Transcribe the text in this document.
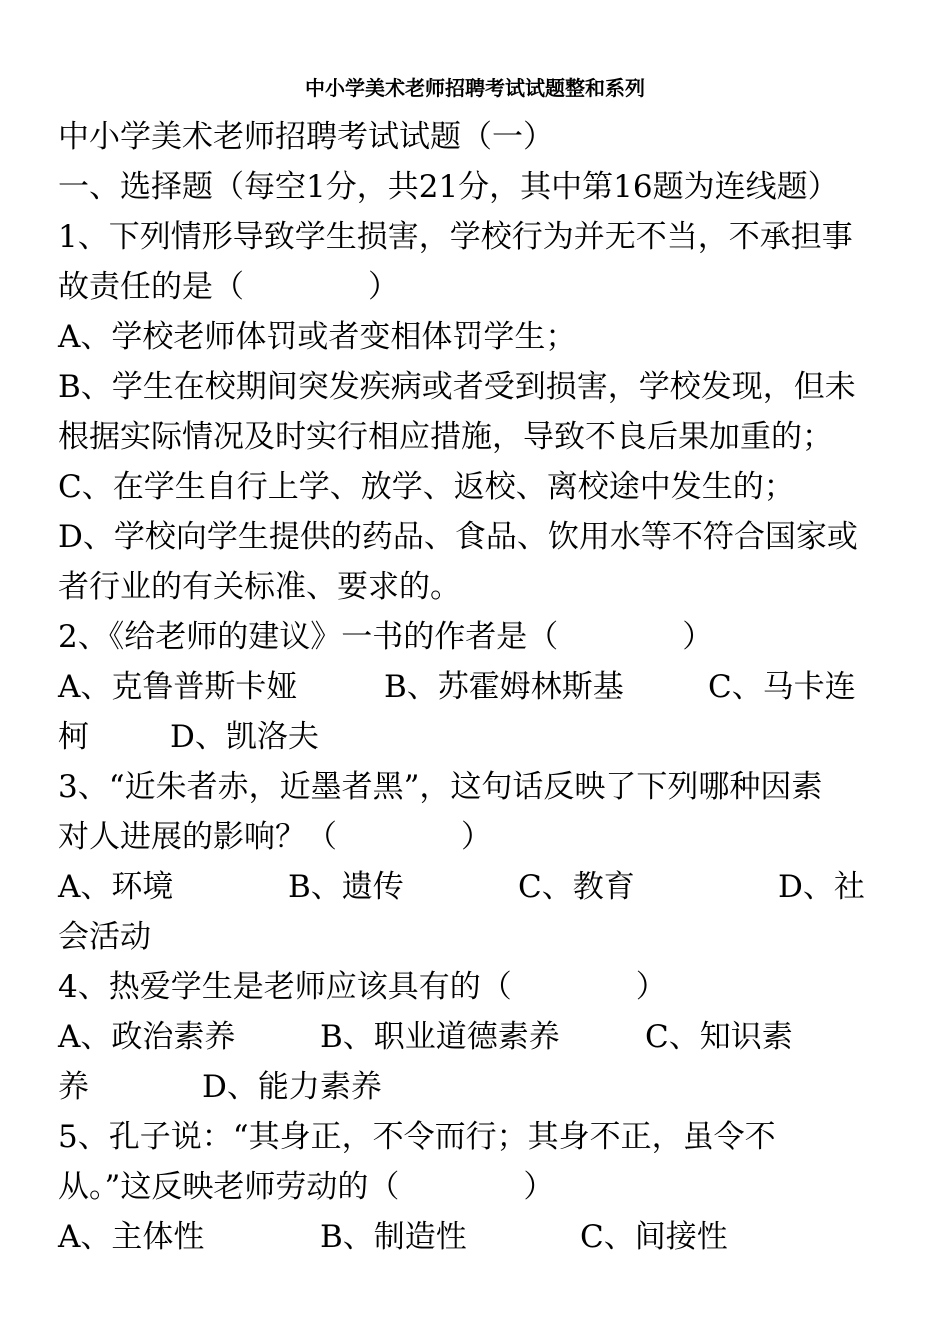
中小学美术老师招聘考试试题整和系列
中小学美术老师招聘考试试题（一）
一、选择题（每空1分，共21分，其中第16题为连线题）
1、下列情形导致学生损害，学校行为并无不当，不承担事
故责任的是（	）
A、学校老师体罚或者变相体罚学生；
B、学生在校期间突发疾病或者受到损害，学校发现，但未
根据实际情况及时实行相应措施，导致不良后果加重的；
C、在学生自行上学、放学、返校、离校途中发生的；
D、学校向学生提供的药品、食品、饮用水等不符合国家或
者行业的有关标准、要求的。
2、《给老师的建议》一书的作者是（	）
A、克鲁普斯卡娅	B、苏霍姆林斯基	C、马卡连
柯	D、凯洛夫
3、“近朱者赤，近墨者黑”，这句话反映了下列哪种因素
对人进展的影响？（	）
A、环境	B、遗传	C、教育	D、社
会活动
4、热爱学生是老师应该具有的（	）
A、政治素养	B、职业道德素养	C、知识素
养	D、能力素养
5、孔子说：“其身正，不令而行；其身不正，虽令不
从。”这反映老师劳动的（	）
A、主体性	B、制造性	C、间接性
